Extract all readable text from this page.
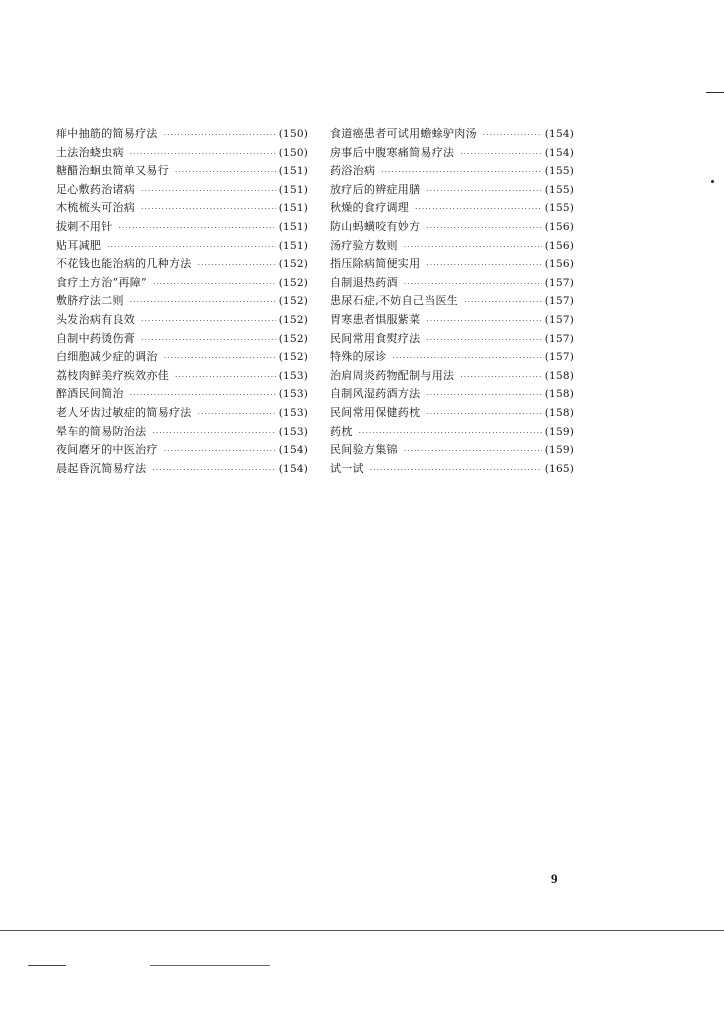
痱中抽筋的简易疗法 ·····	(150)
土法治蛲虫病 ·····	(150)
糖醋治蛔虫简单又易行 ·····	(151)
足心敷药治诸病 ·····	(151)
木梳梳头可治病 ·····	(151)
拔刺不用针 ·····	(151)
贴耳减肥 ·····	(151)
不花钱也能治病的几种方法 ·····	(152)
食疗土方治“再障” ·····	(152)
敷脐疗法二则 ·····	(152)
头发治病有良效 ·····	(152)
自制中药烫伤膏 ·····	(152)
白细胞减少症的调治 ·····	(152)
荔枝肉鲜美疗疾效亦佳 ·····	(153)
醉酒民间简治 ·····	(153)
老人牙齿过敏症的简易疗法 ·····	(153)
晕车的简易防治法 ·····	(153)
夜间磨牙的中医治疗 ·····	(154)
晨起昏沉简易疗法 ·····	(154)
食道癌患者可试用蟾蜍驴肉汤 ·····	(154)
房事后中腹寒痛简易疗法 ·····	(154)
药浴治病 ·····	(155)
放疗后的辨症用膳 ·····	(155)
秋燥的食疗调理 ·····	(155)
防山蚂蟥咬有妙方 ·····	(156)
汤疗验方数则 ·····	(156)
指压除病简便实用 ·····	(156)
自制退热药酒 ·····	(157)
患尿石症,不妨自己当医生 ·····	(157)
胃寒患者惧服紫菜 ·····	(157)
民间常用食熨疗法 ·····	(157)
特殊的尿诊 ·····	(157)
治肩周炎药物配制与用法 ·····	(158)
自制风湿药酒方法 ·····	(158)
民间常用保健药枕 ·····	(158)
药枕 ·····	(159)
民间验方集锦 ·····	(159)
试一试 ·····	(165)
9
